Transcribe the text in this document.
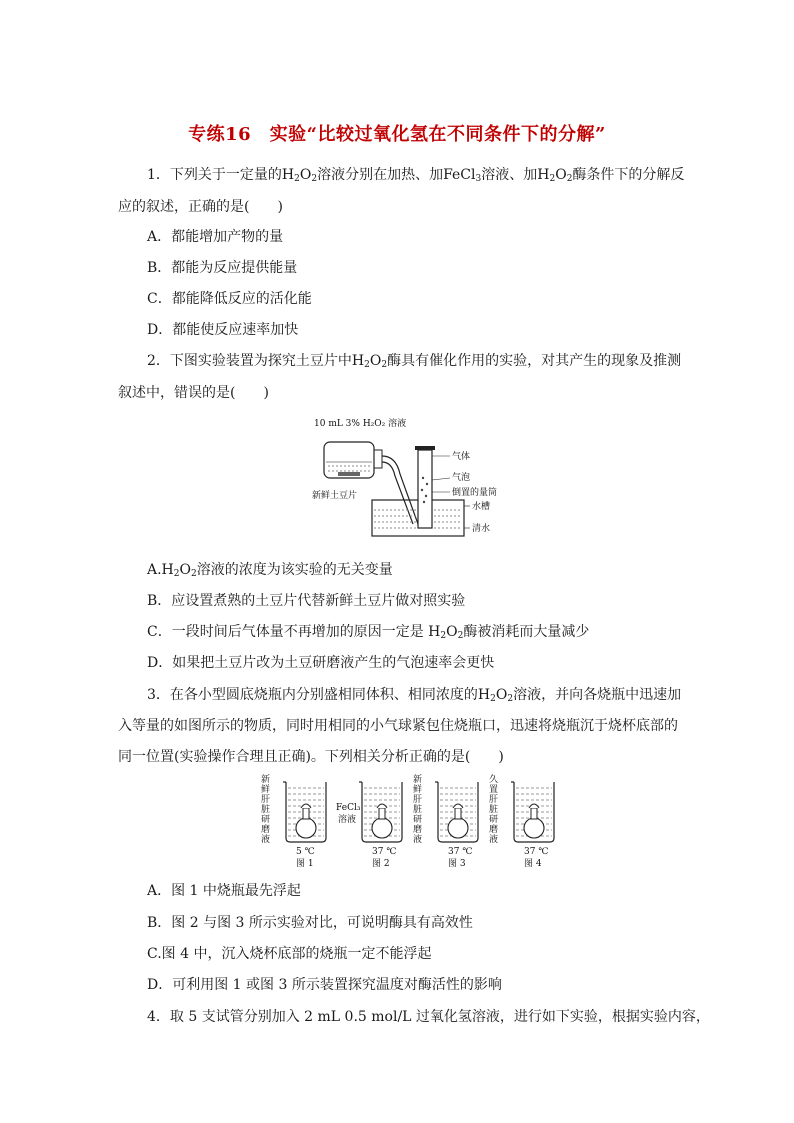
专练16　实验“比较过氧化氢在不同条件下的分解”
1．下列关于一定量的$H_2O_2$溶液分别在加热、加FeCl$_3$溶液、加$H_2O_2$酶条件下的分解反
应的叙述，正确的是(　　)
A．都能增加产物的量
B．都能为反应提供能量
C．都能降低反应的活化能
D．都能使反应速率加快
2．下图实验装置为探究土豆片中$H_2O_2$酶具有催化作用的实验，对其产生的现象及推测
叙述中，错误的是(　　)
10 mL 3% H₂O₂ 溶液
新鲜土豆片
气体
气泡
倒置的量筒
水槽
清水
$A.H_2O_2$溶液的浓度为该实验的无关变量
B．应设置煮熟的土豆片代替新鲜土豆片做对照实验
C．一段时间后气体量不再增加的原因一定是 $H_2O_2$酶被消耗而大量减少
D．如果把土豆片改为土豆研磨液产生的气泡速率会更快
3．在各小型圆底烧瓶内分别盛相同体积、相同浓度的$H_2O_2$溶液，并向各烧瓶中迅速加
入等量的如图所示的物质，同时用相同的小气球紧包住烧瓶口，迅速将烧瓶沉于烧杯底部的
同一位置(实验操作合理且正确)。下列相关分析正确的是(　　)
新鲜肝脏研磨液
5 ℃
图 1
FeCl₃ 溶液
37 ℃
图 2
新鲜肝脏研磨液
37 ℃
图 3
久置肝脏研磨液
37 ℃
图 4
A．图 1 中烧瓶最先浮起
B．图 2 与图 3 所示实验对比，可说明酶具有高效性
C.图 4 中，沉入烧杯底部的烧瓶一定不能浮起
D．可利用图 1 或图 3 所示装置探究温度对酶活性的影响
4．取 5 支试管分别加入 2 mL 0.5 mol/L 过氧化氢溶液，进行如下实验，根据实验内容，
